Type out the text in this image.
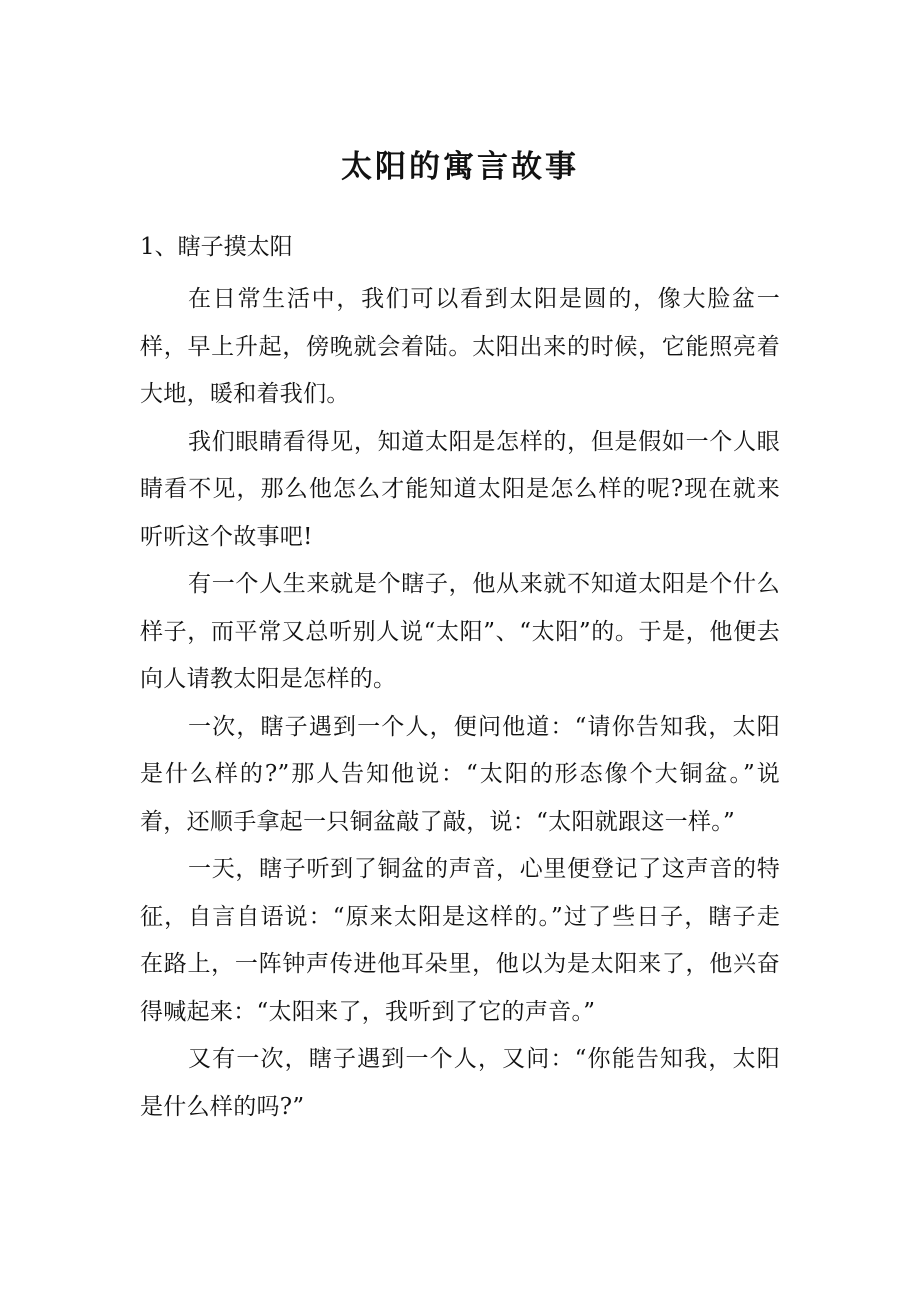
太阳的寓言故事
1、瞎子摸太阳

在日常生活中，我们可以看到太阳是圆的，像大脸盆一样，早上升起，傍晚就会着陆。太阳出来的时候，它能照亮着大地，暖和着我们。

我们眼睛看得见，知道太阳是怎样的，但是假如一个人眼睛看不见，那么他怎么才能知道太阳是怎么样的呢?现在就来听听这个故事吧!

有一个人生来就是个瞎子，他从来就不知道太阳是个什么样子，而平常又总听别人说“太阳”、“太阳”的。于是，他便去向人请教太阳是怎样的。

一次，瞎子遇到一个人，便问他道：“请你告知我，太阳是什么样的?”那人告知他说：“太阳的形态像个大铜盆。”说着，还顺手拿起一只铜盆敲了敲，说：“太阳就跟这一样。”

一天，瞎子听到了铜盆的声音，心里便登记了这声音的特征，自言自语说：“原来太阳是这样的。”过了些日子，瞎子走在路上，一阵钟声传进他耳朵里，他以为是太阳来了，他兴奋得喊起来：“太阳来了，我听到了它的声音。”

又有一次，瞎子遇到一个人，又问：“你能告知我，太阳是什么样的吗?”
